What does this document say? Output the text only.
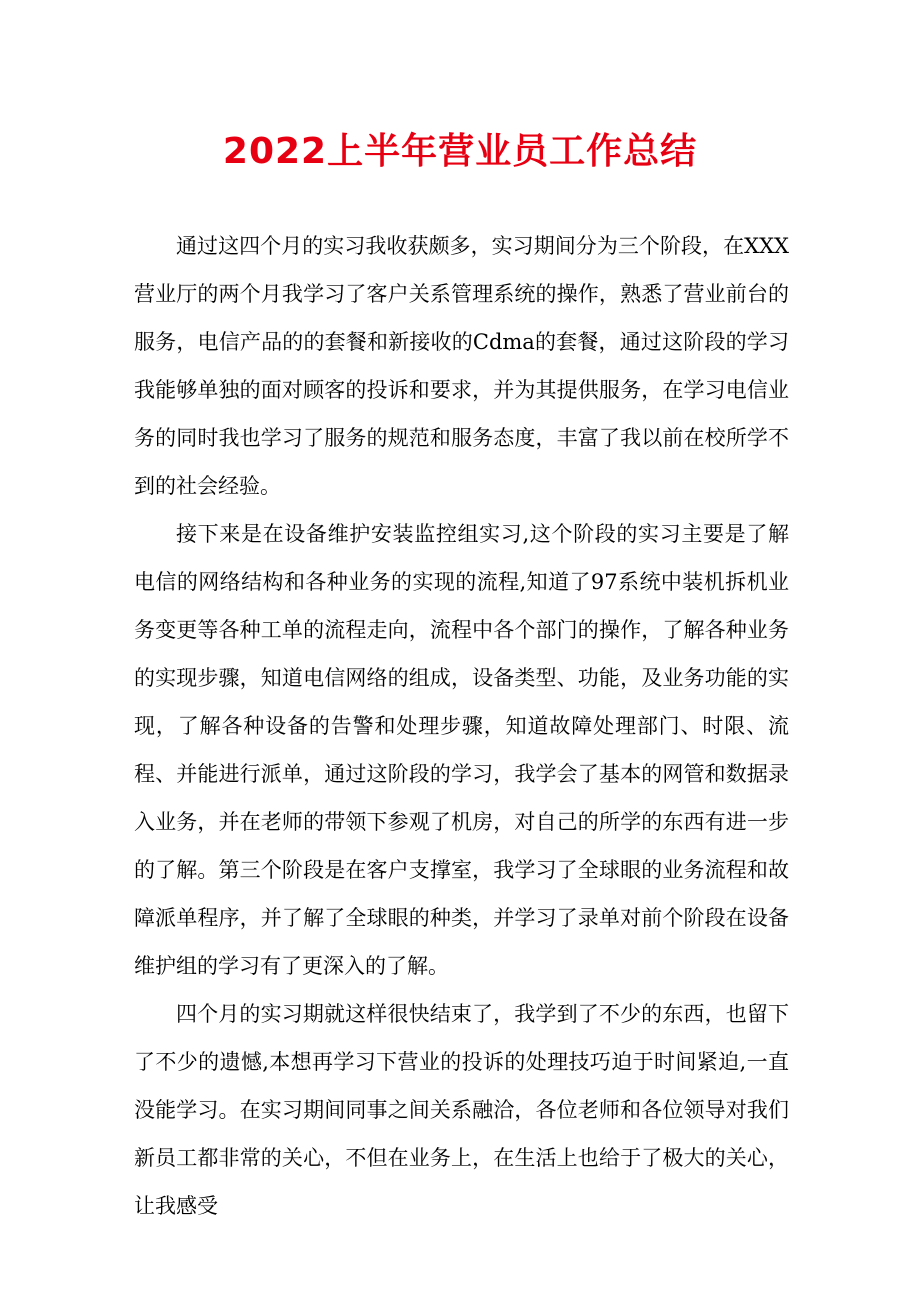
2022上半年营业员工作总结

通过这四个月的实习我收获颇多，实习期间分为三个阶段，在XXX营业厅的两个月我学习了客户关系管理系统的操作，熟悉了营业前台的服务，电信产品的的套餐和新接收的Cdma的套餐，通过这阶段的学习我能够单独的面对顾客的投诉和要求，并为其提供服务，在学习电信业务的同时我也学习了服务的规范和服务态度，丰富了我以前在校所学不到的社会经验。

接下来是在设备维护安装监控组实习,这个阶段的实习主要是了解电信的网络结构和各种业务的实现的流程,知道了97系统中装机拆机业务变更等各种工单的流程走向，流程中各个部门的操作，了解各种业务的实现步骤，知道电信网络的组成，设备类型、功能，及业务功能的实现，了解各种设备的告警和处理步骤，知道故障处理部门、时限、流程、并能进行派单，通过这阶段的学习，我学会了基本的网管和数据录入业务，并在老师的带领下参观了机房，对自己的所学的东西有进一步的了解。第三个阶段是在客户支撑室，我学习了全球眼的业务流程和故障派单程序，并了解了全球眼的种类，并学习了录单对前个阶段在设备维护组的学习有了更深入的了解。

四个月的实习期就这样很快结束了，我学到了不少的东西，也留下了不少的遗憾,本想再学习下营业的投诉的处理技巧迫于时间紧迫,一直没能学习。在实习期间同事之间关系融洽，各位老师和各位领导对我们新员工都非常的关心，不但在业务上，在生活上也给于了极大的关心，让我感受
